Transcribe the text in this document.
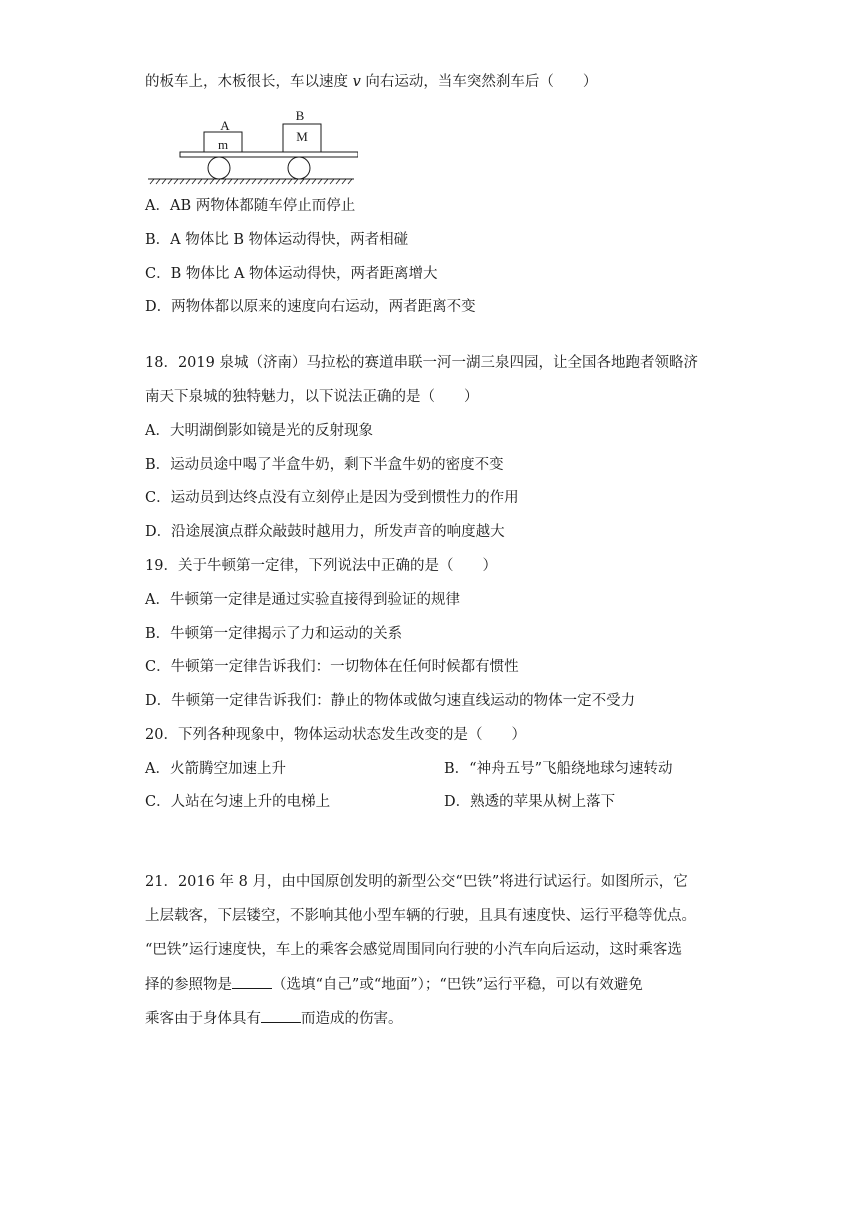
的板车上，木板很长，车以速度 v 向右运动，当车突然刹车后（　　）
A
m
B
M
A．AB 两物体都随车停止而停止
B．A 物体比 B 物体运动得快，两者相碰
C．B 物体比 A 物体运动得快，两者距离增大
D．两物体都以原来的速度向右运动，两者距离不变
18．2019 泉城（济南）马拉松的赛道串联一河一湖三泉四园，让全国各地跑者领略济
南天下泉城的独特魅力，以下说法正确的是（　　）
A．大明湖倒影如镜是光的反射现象
B．运动员途中喝了半盒牛奶，剩下半盒牛奶的密度不变
C．运动员到达终点没有立刻停止是因为受到惯性力的作用
D．沿途展演点群众敲鼓时越用力，所发声音的响度越大
19．关于牛顿第一定律，下列说法中正确的是（　　）
A．牛顿第一定律是通过实验直接得到验证的规律
B．牛顿第一定律揭示了力和运动的关系
C．牛顿第一定律告诉我们：一切物体在任何时候都有惯性
D．牛顿第一定律告诉我们：静止的物体或做匀速直线运动的物体一定不受力
20．下列各种现象中，物体运动状态发生改变的是（　　）
A．火箭腾空加速上升	B．“神舟五号”飞船绕地球匀速转动
C．人站在匀速上升的电梯上	D．熟透的苹果从树上落下
21．2016 年 8 月，由中国原创发明的新型公交“巴铁”将进行试运行。如图所示，它
上层载客，下层镂空，不影响其他小型车辆的行驶，且具有速度快、运行平稳等优点。
“巴铁”运行速度快，车上的乘客会感觉周围同向行驶的小汽车向后运动，这时乘客选
择的参照物是	（选填“自己”或“地面”）；“巴铁”运行平稳，可以有效避免
乘客由于身体具有	而造成的伤害。
